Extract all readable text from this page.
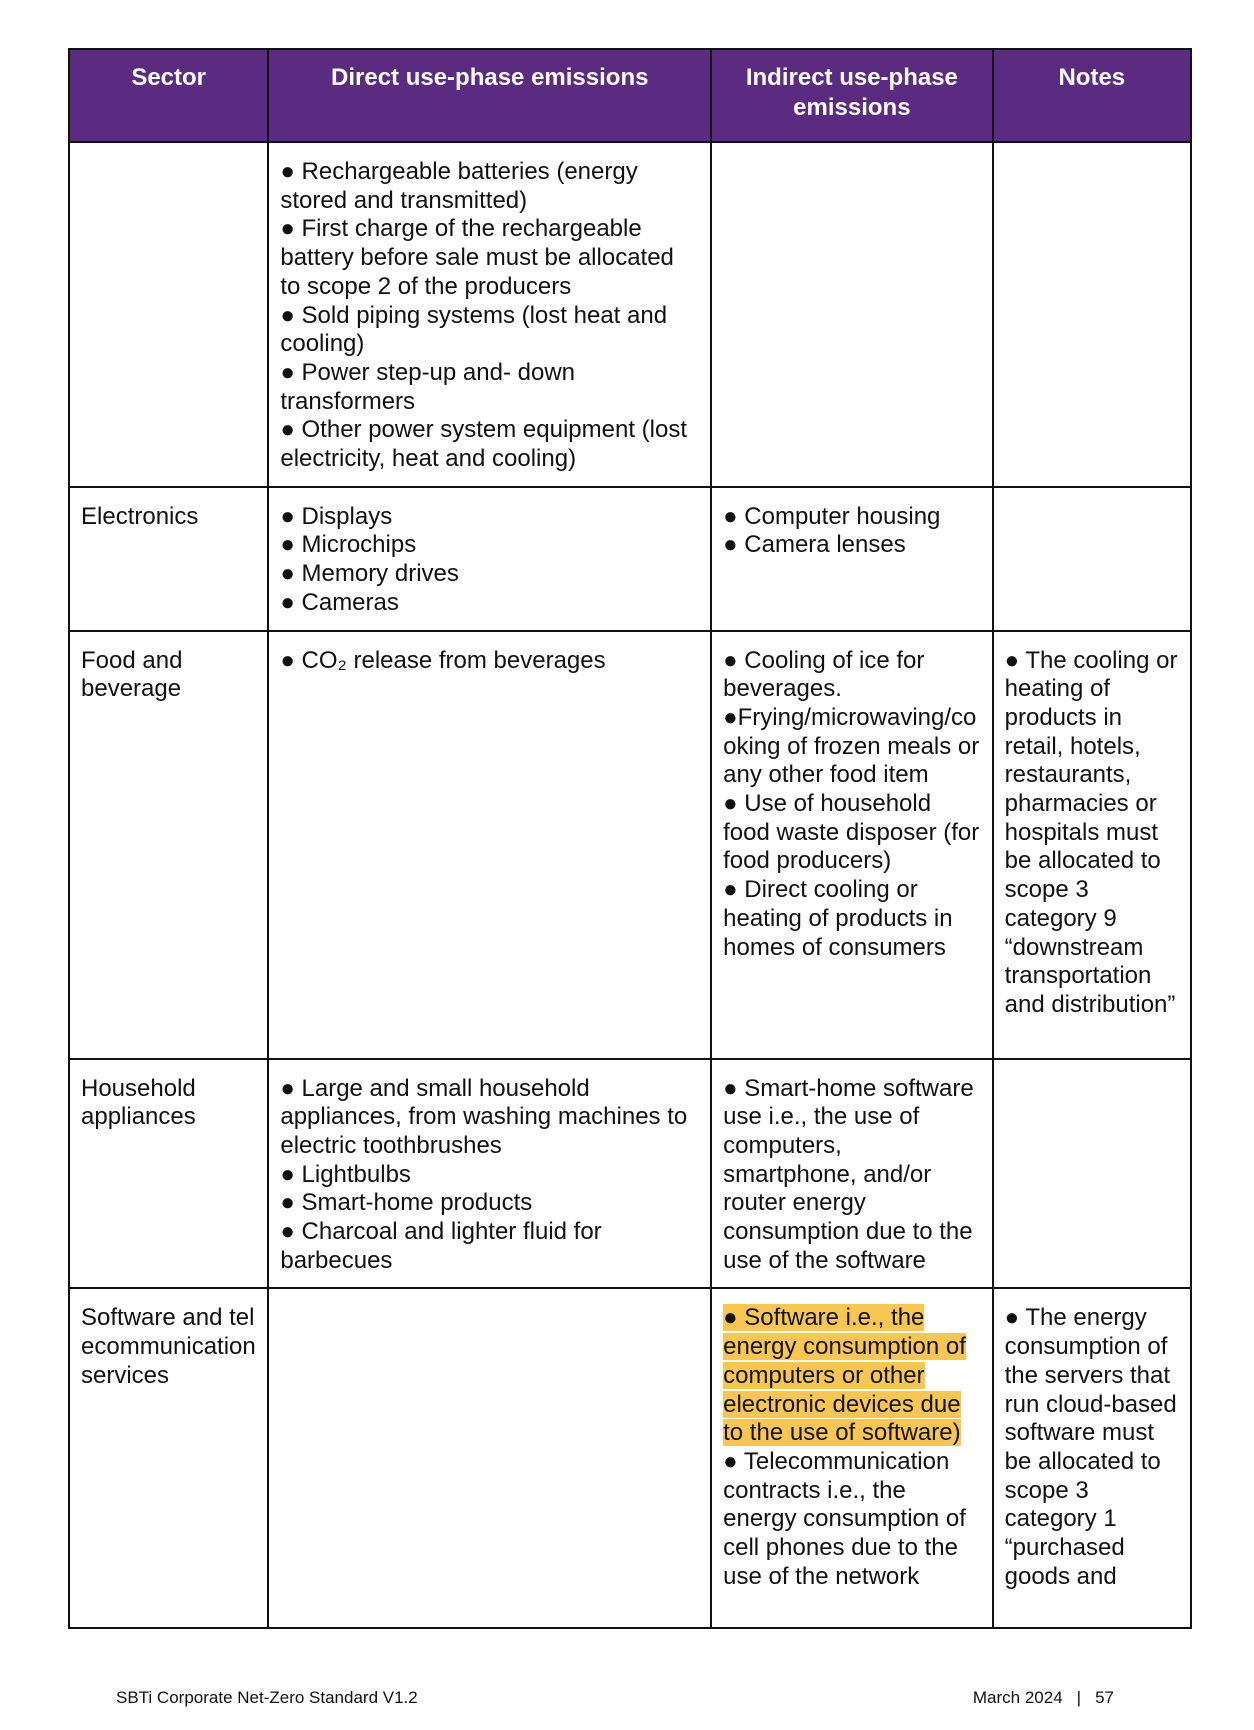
Sector	Direct use-phase emissions	Indirect use-phase emissions	Notes

	● Rechargeable batteries (energy stored and transmitted)
● First charge of the rechargeable battery before sale must be allocated to scope 2 of the producers
● Sold piping systems (lost heat and cooling)
● Power step-up and- down transformers
● Other power system equipment (lost electricity, heat and cooling)		

Electronics	● Displays
● Microchips
● Memory drives
● Cameras	● Computer housing
● Camera lenses	

Food and beverage	● CO₂ release from beverages	● Cooling of ice for beverages.
●Frying/microwaving/cooking of frozen meals or any other food item
● Use of household food waste disposer (for food producers)
● Direct cooling or heating of products in homes of consumers	● The cooling or heating of products in retail, hotels, restaurants, pharmacies or hospitals must be allocated to scope 3 category 9 “downstream transportation and distribution”

Household appliances	● Large and small household appliances, from washing machines to electric toothbrushes
● Lightbulbs
● Smart-home products
● Charcoal and lighter fluid for barbecues	● Smart-home software use i.e., the use of computers, smartphone, and/or router energy consumption due to the use of the software	

Software and telecommunication services		● Software i.e., the energy consumption of computers or other electronic devices due to the use of software)
● Telecommunication contracts i.e., the energy consumption of cell phones due to the use of the network	● The energy consumption of the servers that run cloud-based software must be allocated to scope 3 category 1 “purchased goods and
SBTi Corporate Net-Zero Standard V1.2	March 2024 | 57
